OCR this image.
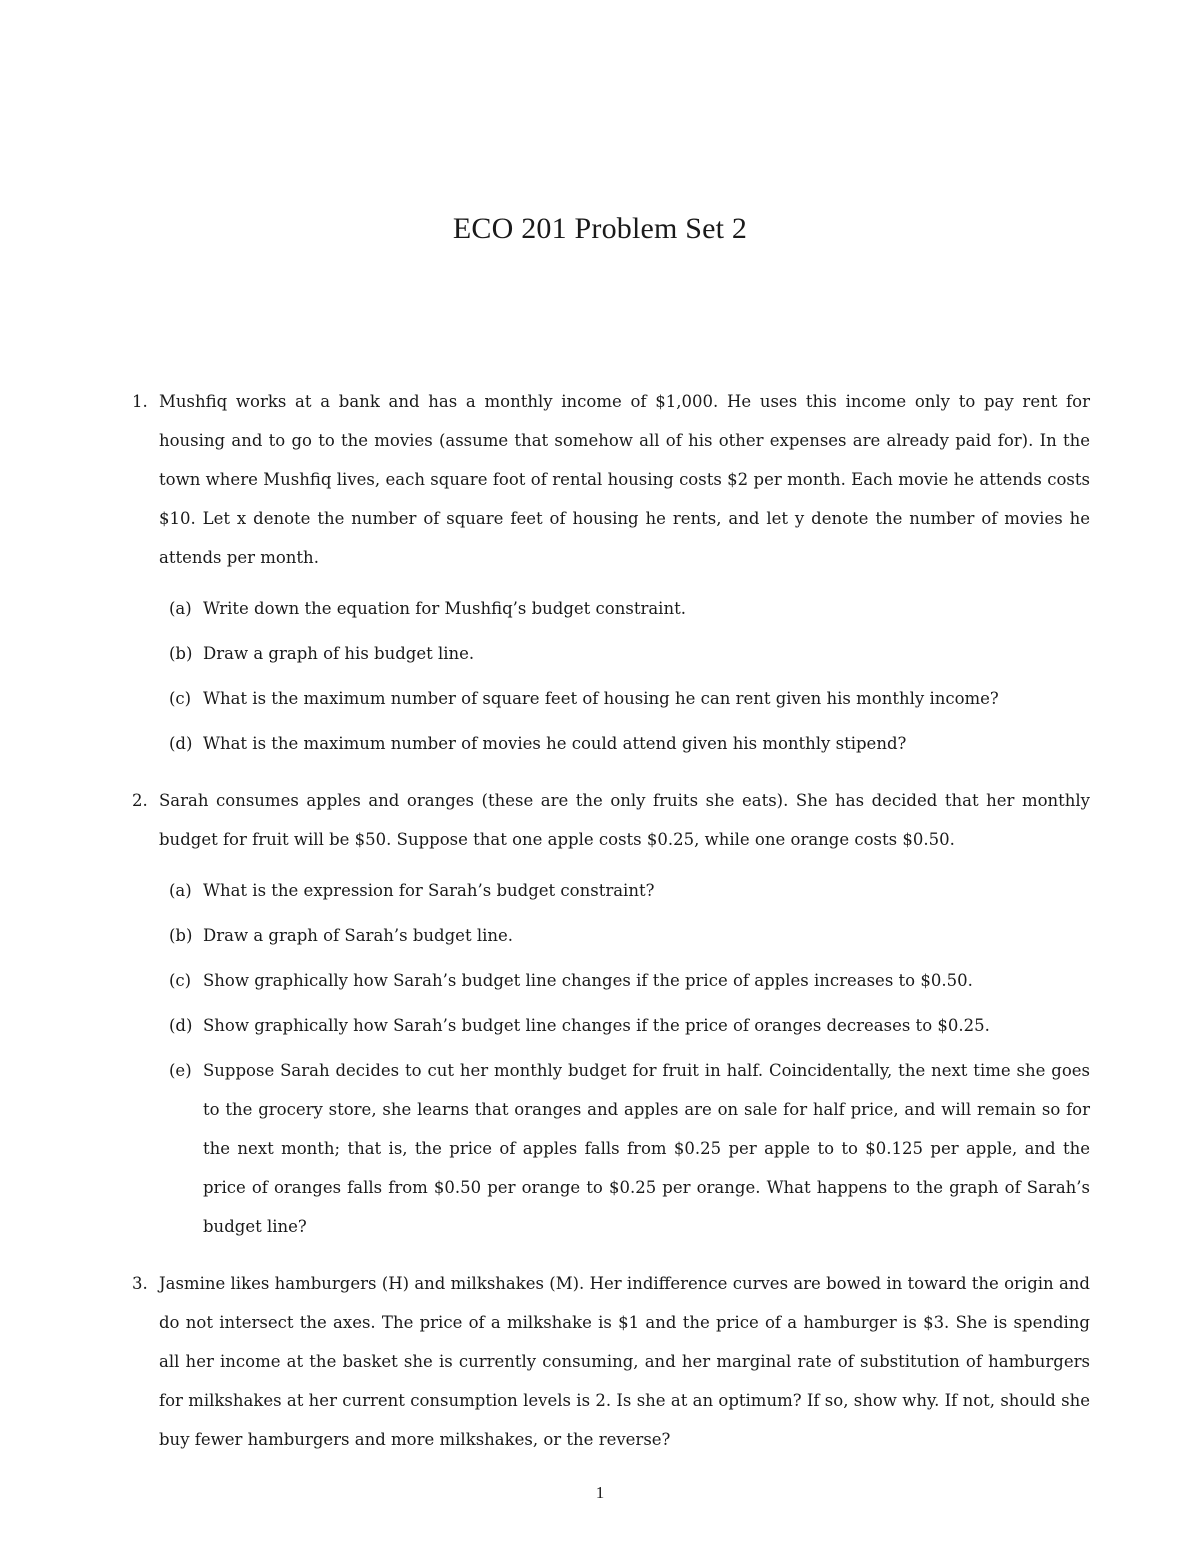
ECO 201 Problem Set 2
1. Mushfiq works at a bank and has a monthly income of $1,000. He uses this income only to pay rent for housing and to go to the movies (assume that somehow all of his other expenses are already paid for). In the town where Mushfiq lives, each square foot of rental housing costs $2 per month. Each movie he attends costs $10. Let x denote the number of square feet of housing he rents, and let y denote the number of movies he attends per month.
(a) Write down the equation for Mushfiq’s budget constraint.
(b) Draw a graph of his budget line.
(c) What is the maximum number of square feet of housing he can rent given his monthly income?
(d) What is the maximum number of movies he could attend given his monthly stipend?
2. Sarah consumes apples and oranges (these are the only fruits she eats). She has decided that her monthly budget for fruit will be $50. Suppose that one apple costs $0.25, while one orange costs $0.50.
(a) What is the expression for Sarah’s budget constraint?
(b) Draw a graph of Sarah’s budget line.
(c) Show graphically how Sarah’s budget line changes if the price of apples increases to $0.50.
(d) Show graphically how Sarah’s budget line changes if the price of oranges decreases to $0.25.
(e) Suppose Sarah decides to cut her monthly budget for fruit in half. Coincidentally, the next time she goes to the grocery store, she learns that oranges and apples are on sale for half price, and will remain so for the next month; that is, the price of apples falls from $0.25 per apple to to $0.125 per apple, and the price of oranges falls from $0.50 per orange to $0.25 per orange. What happens to the graph of Sarah’s budget line?
3. Jasmine likes hamburgers (H) and milkshakes (M). Her indifference curves are bowed in toward the origin and do not intersect the axes. The price of a milkshake is $1 and the price of a hamburger is $3. She is spending all her income at the basket she is currently consuming, and her marginal rate of substitution of hamburgers for milkshakes at her current consumption levels is 2. Is she at an optimum? If so, show why. If not, should she buy fewer hamburgers and more milkshakes, or the reverse?
1
